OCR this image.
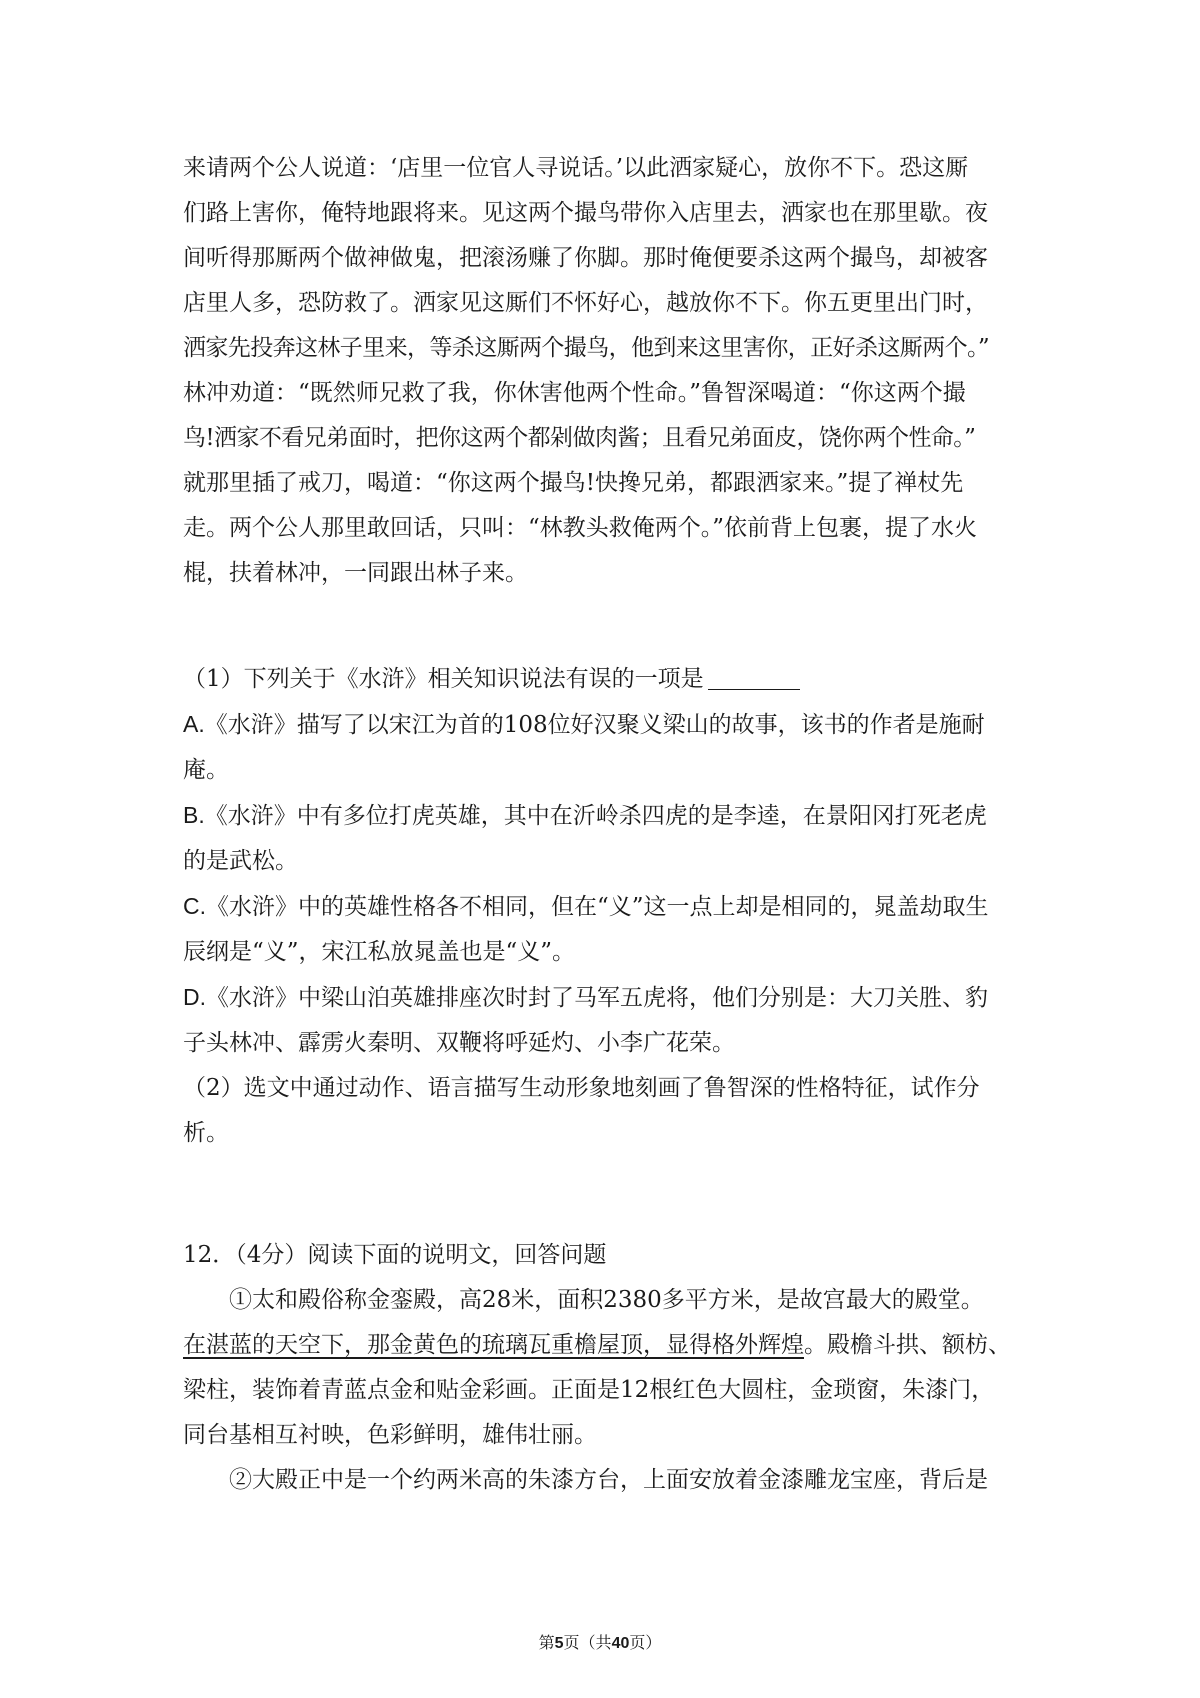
来请两个公人说道：‘店里一位官人寻说话。’以此洒家疑心，放你不下。恐这厮

们路上害你，俺特地跟将来。见这两个撮鸟带你入店里去，洒家也在那里歇。夜

间听得那厮两个做神做鬼，把滚汤赚了你脚。那时俺便要杀这两个撮鸟，却被客

店里人多，恐防救了。洒家见这厮们不怀好心，越放你不下。你五更里出门时，

洒家先投奔这林子里来，等杀这厮两个撮鸟，他到来这里害你，正好杀这厮两个。”

林冲劝道：“既然师兄救了我，你休害他两个性命。”鲁智深喝道：“你这两个撮

鸟!洒家不看兄弟面时，把你这两个都剁做肉酱；且看兄弟面皮，饶你两个性命。”

就那里插了戒刀，喝道：“你这两个撮鸟!快搀兄弟，都跟洒家来。”提了禅杖先

走。两个公人那里敢回话，只叫：“林教头救俺两个。”依前背上包裹，提了水火

棍，扶着林冲，一同跟出林子来。

（1）下列关于《水浒》相关知识说法有误的一项是

A.《水浒》描写了以宋江为首的108位好汉聚义梁山的故事，该书的作者是施耐

庵。

B.《水浒》中有多位打虎英雄，其中在沂岭杀四虎的是李逵，在景阳冈打死老虎

的是武松。

C.《水浒》中的英雄性格各不相同，但在“义”这一点上却是相同的，晁盖劫取生

辰纲是“义”，宋江私放晁盖也是“义”。

D.《水浒》中梁山泊英雄排座次时封了马军五虎将，他们分别是：大刀关胜、豹

子头林冲、霹雳火秦明、双鞭将呼延灼、小李广花荣。

（2）选文中通过动作、语言描写生动形象地刻画了鲁智深的性格特征，试作分

析。

12．（4分）阅读下面的说明文，回答问题

①太和殿俗称金銮殿，高28米，面积2380多平方米，是故宫最大的殿堂。

在湛蓝的天空下，那金黄色的琉璃瓦重檐屋顶，显得格外辉煌。殿檐斗拱、额枋、

梁柱，装饰着青蓝点金和贴金彩画。正面是12根红色大圆柱，金琐窗，朱漆门，

同台基相互衬映，色彩鲜明，雄伟壮丽。

②大殿正中是一个约两米高的朱漆方台，上面安放着金漆雕龙宝座，背后是

第5页（共40页）
